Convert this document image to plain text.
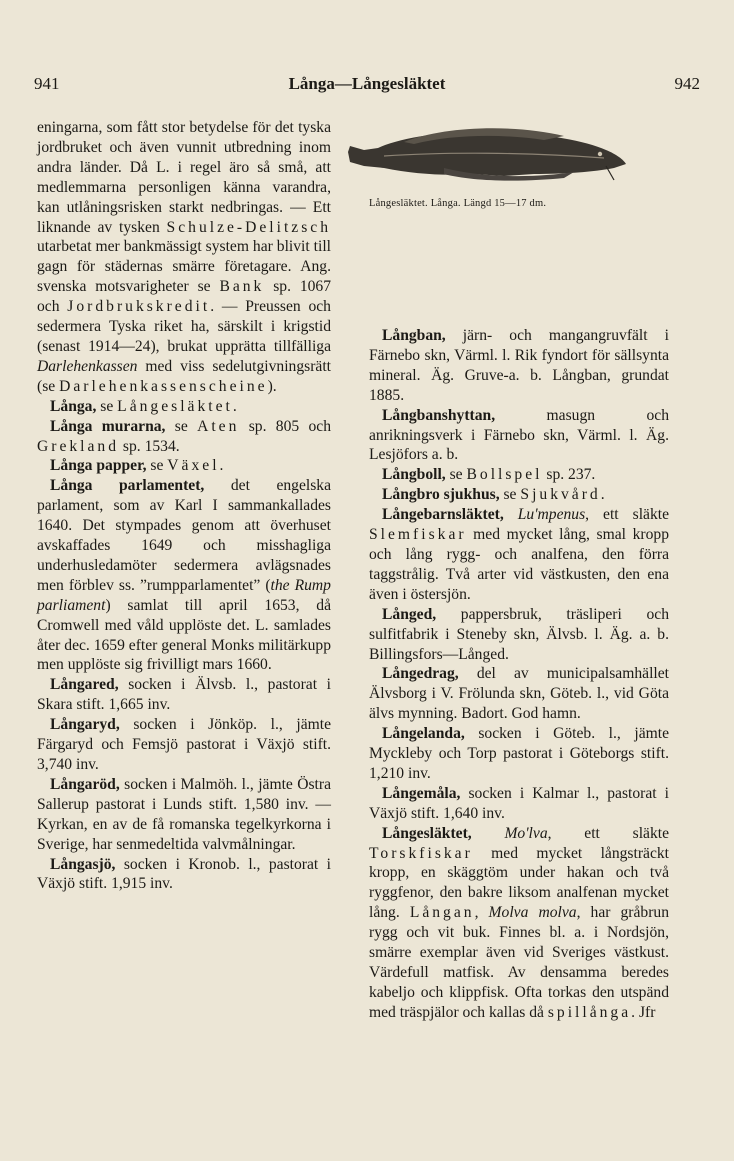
941	Långa—Långesläktet	942
Långesläktet. Långa. Längd 15—17 dm.

eningarna, som fått stor betydelse för det tyska jordbruket och även vunnit utbredning inom andra länder. Då L. i regel äro så små, att medlemmarna personligen känna varandra, kan utlåningsrisken starkt nedbringas. — Ett liknande av tysken Schulze-Delitzsch utarbetat mer bankmässigt system har blivit till gagn för städernas smärre företagare. Ang. svenska motsvarigheter se Bank sp. 1067 och Jordbrukskredit. — Preussen och sedermera Tyska riket ha, särskilt i krigstid (senast 1914—24), brukat upprätta tillfälliga Darlehenkassen med viss sedelutgivningsrätt (se Darlehenkassenscheine).

Långa, se Långesläktet.

Långa murarna, se Aten sp. 805 och Grekland sp. 1534.

Långa papper, se Växel.

Långa parlamentet, det engelska parlament, som av Karl I sammankallades 1640. Det stympades genom att överhuset avskaffades 1649 och misshagliga underhusledamöter sedermera avlägsnades men förblev ss. ”rumpparlamentet” (the Rump parliament) samlat till april 1653, då Cromwell med våld upplöste det. L. samlades åter dec. 1659 efter general Monks militärkupp men upplöste sig frivilligt mars 1660.

Långared, socken i Älvsb. l., pastorat i Skara stift. 1,665 inv.

Långaryd, socken i Jönköp. l., jämte Färgaryd och Femsjö pastorat i Växjö stift. 3,740 inv.

Långaröd, socken i Malmöh. l., jämte Östra Sallerup pastorat i Lunds stift. 1,580 inv. — Kyrkan, en av de få romanska tegelkyrkorna i Sverige, har senmedeltida valvmålningar.

Långasjö, socken i Kronob. l., pastorat i Växjö stift. 1,915 inv.

Långban, järn- och mangangruvfält i Färnebo skn, Värml. l. Rik fyndort för sällsynta mineral. Äg. Gruve-a. b. Långban, grundat 1885.

Långbanshyttan, masugn och anrikningsverk i Färnebo skn, Värml. l. Äg. Lesjöfors a. b.

Långboll, se Bollspel sp. 237.

Långbro sjukhus, se Sjukvård.

Långebarnsläktet, Lu'mpenus, ett släkte Slemfiskar med mycket lång, smal kropp och lång rygg- och analfena, den förra taggstrålig. Två arter vid västkusten, den ena även i östersjön.

Långed, pappersbruk, träsliperi och sulfitfabrik i Steneby skn, Älvsb. l. Äg. a. b. Billingsfors—Långed.

Långedrag, del av municipalsamhället Älvsborg i V. Frölunda skn, Göteb. l., vid Göta älvs mynning. Badort. God hamn.

Långelanda, socken i Göteb. l., jämte Myckleby och Torp pastorat i Göteborgs stift. 1,210 inv.

Långemåla, socken i Kalmar l., pastorat i Växjö stift. 1,640 inv.

Långesläktet, Mo'lva, ett släkte Torskfiskar med mycket långsträckt kropp, en skäggtöm under hakan och två ryggfenor, den bakre liksom analfenan mycket lång. Långan, Molva molva, har gråbrun rygg och vit buk. Finnes bl. a. i Nordsjön, smärre exemplar även vid Sveriges västkust. Värdefull matfisk. Av densamma beredes kabeljo och klippfisk. Ofta torkas den utspänd med träspjälor och kallas då spillånga. Jfr
